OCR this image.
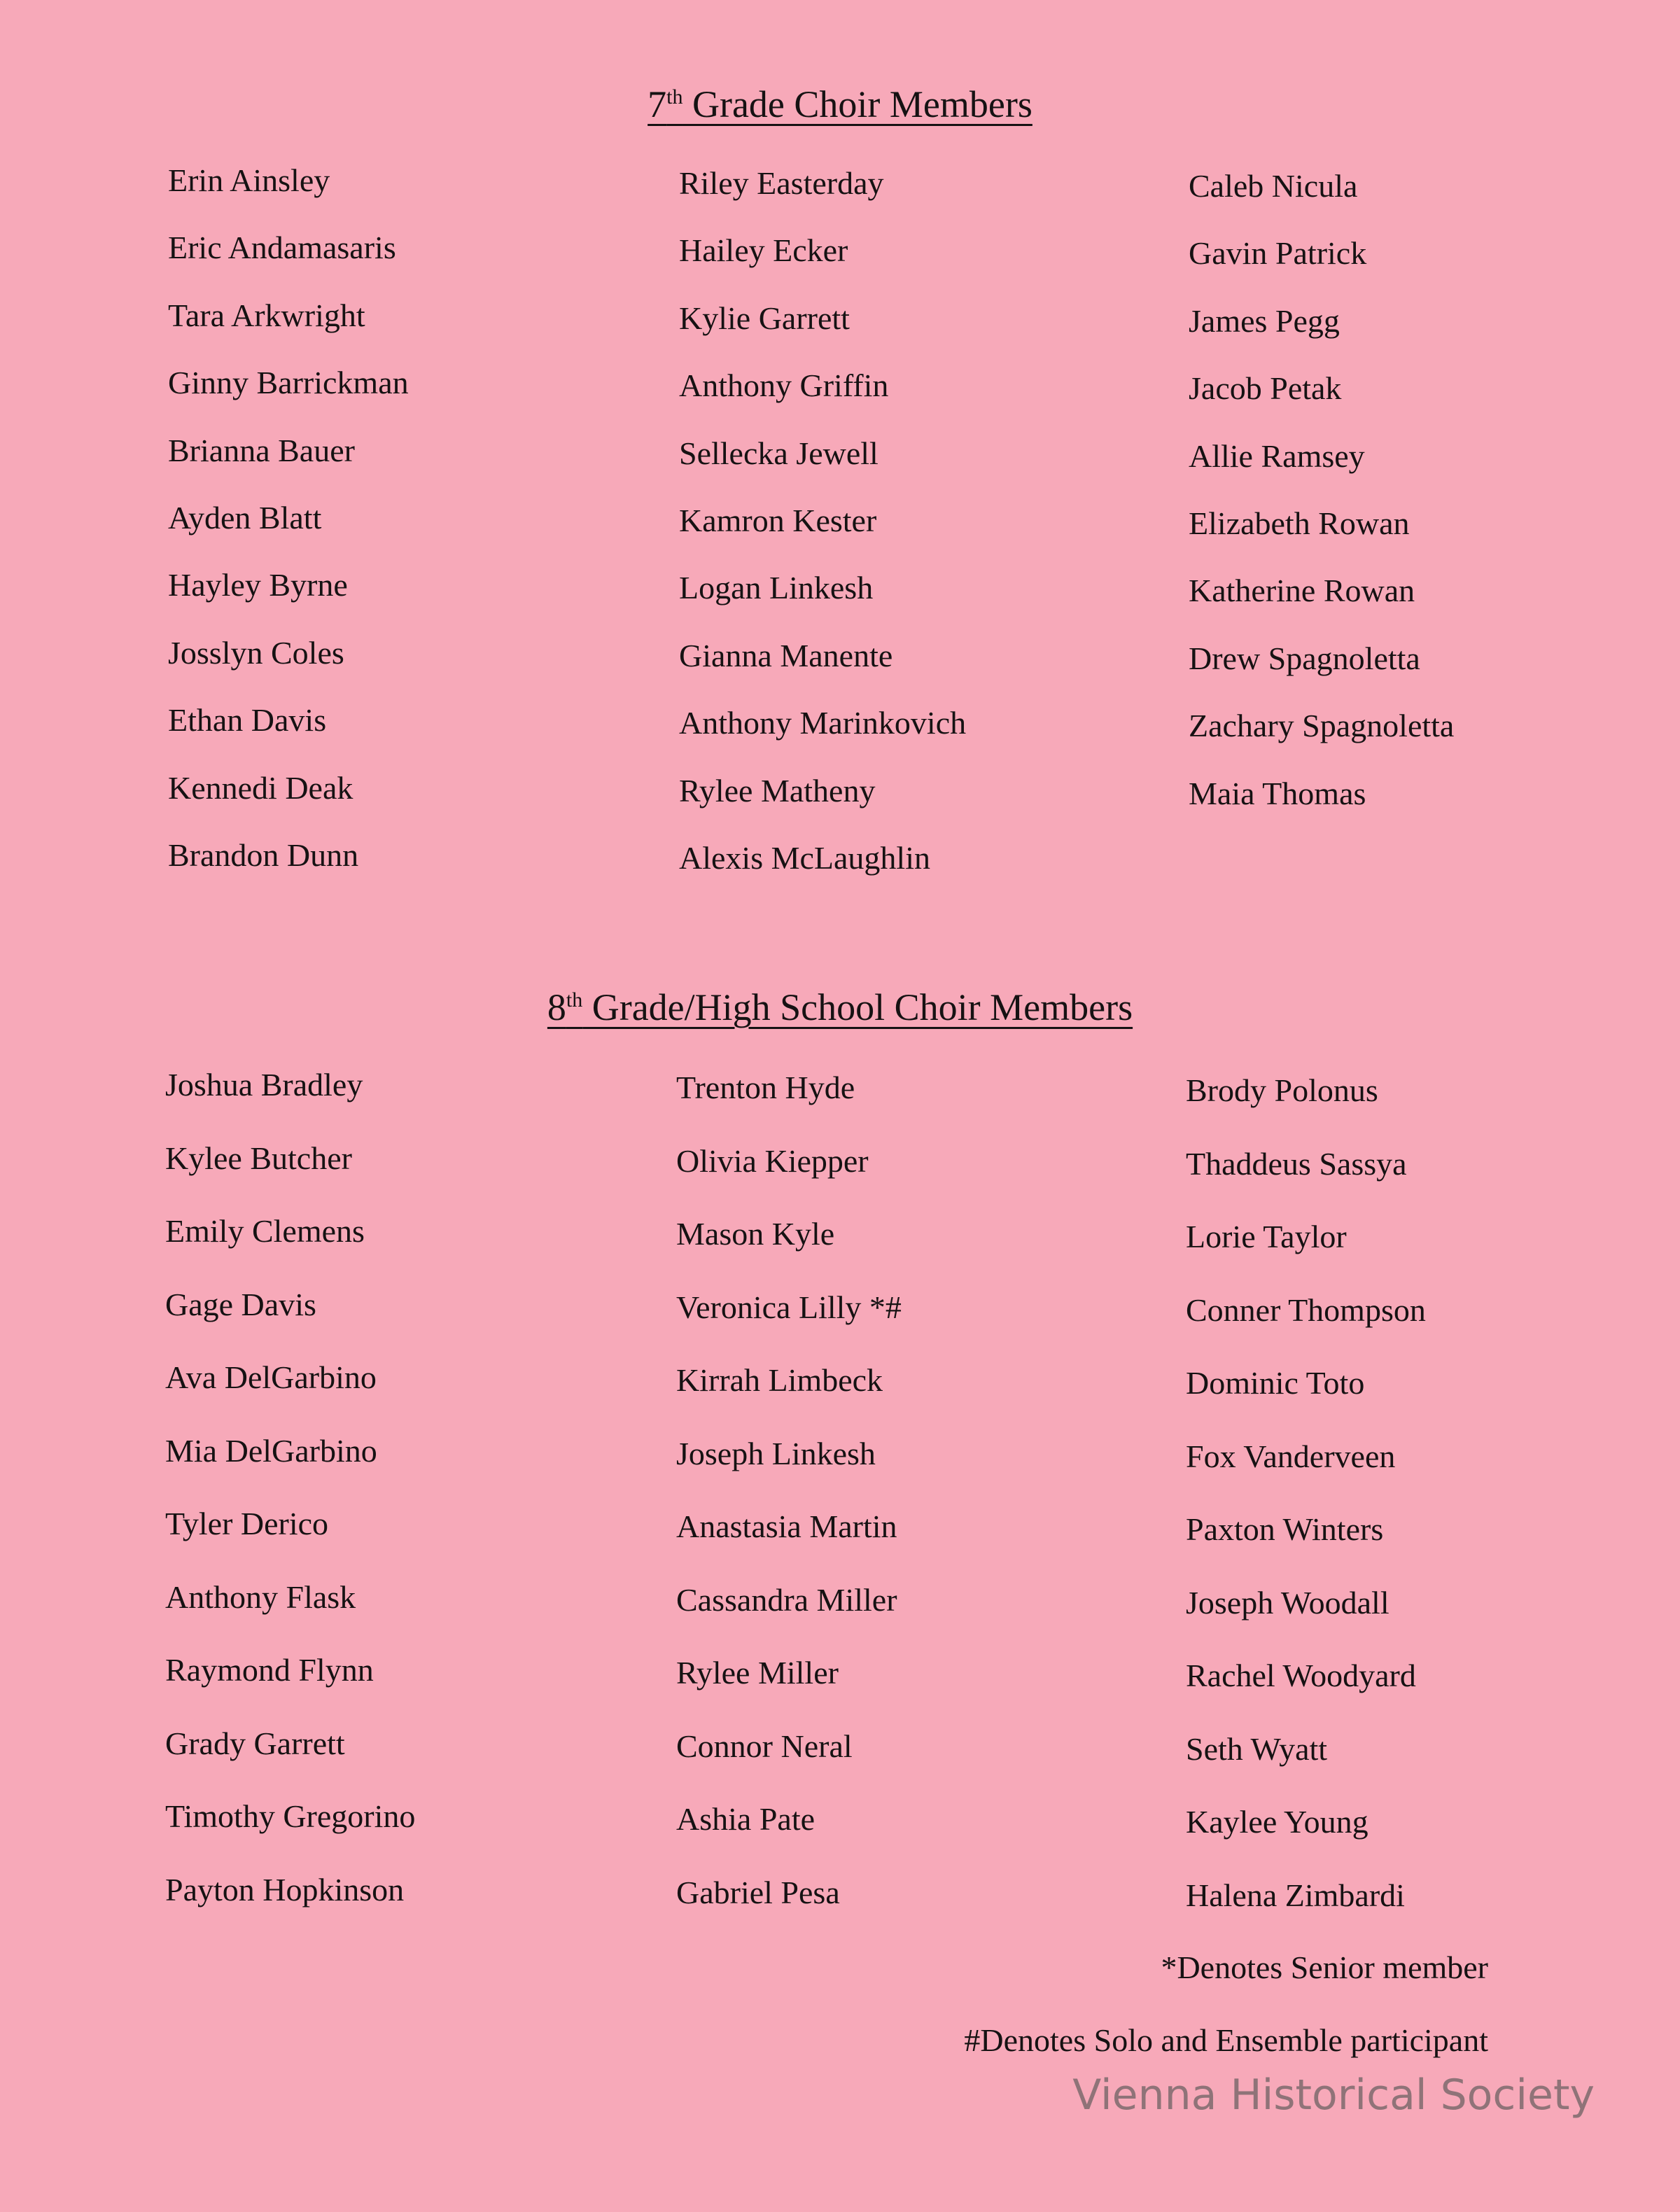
7th Grade Choir Members
Erin Ainsley
Eric Andamasaris
Tara Arkwright
Ginny Barrickman
Brianna Bauer
Ayden Blatt
Hayley Byrne
Josslyn Coles
Ethan Davis
Kennedi Deak
Brandon Dunn
Riley Easterday
Hailey Ecker
Kylie Garrett
Anthony Griffin
Sellecka Jewell
Kamron Kester
Logan Linkesh
Gianna Manente
Anthony Marinkovich
Rylee Matheny
Alexis McLaughlin
Caleb Nicula
Gavin Patrick
James Pegg
Jacob Petak
Allie Ramsey
Elizabeth Rowan
Katherine Rowan
Drew Spagnoletta
Zachary Spagnoletta
Maia Thomas
8th Grade/High School Choir Members
Joshua Bradley
Kylee Butcher
Emily Clemens
Gage Davis
Ava DelGarbino
Mia DelGarbino
Tyler Derico
Anthony Flask
Raymond Flynn
Grady Garrett
Timothy Gregorino
Payton Hopkinson
Trenton Hyde
Olivia Kiepper
Mason Kyle
Veronica Lilly *#
Kirrah Limbeck
Joseph Linkesh
Anastasia Martin
Cassandra Miller
Rylee Miller
Connor Neral
Ashia Pate
Gabriel Pesa
Brody Polonus
Thaddeus Sassya
Lorie Taylor
Conner Thompson
Dominic Toto
Fox Vanderveen
Paxton Winters
Joseph Woodall
Rachel Woodyard
Seth Wyatt
Kaylee Young
Halena Zimbardi
*Denotes Senior member
#Denotes Solo and Ensemble participant
Vienna Historical Society
